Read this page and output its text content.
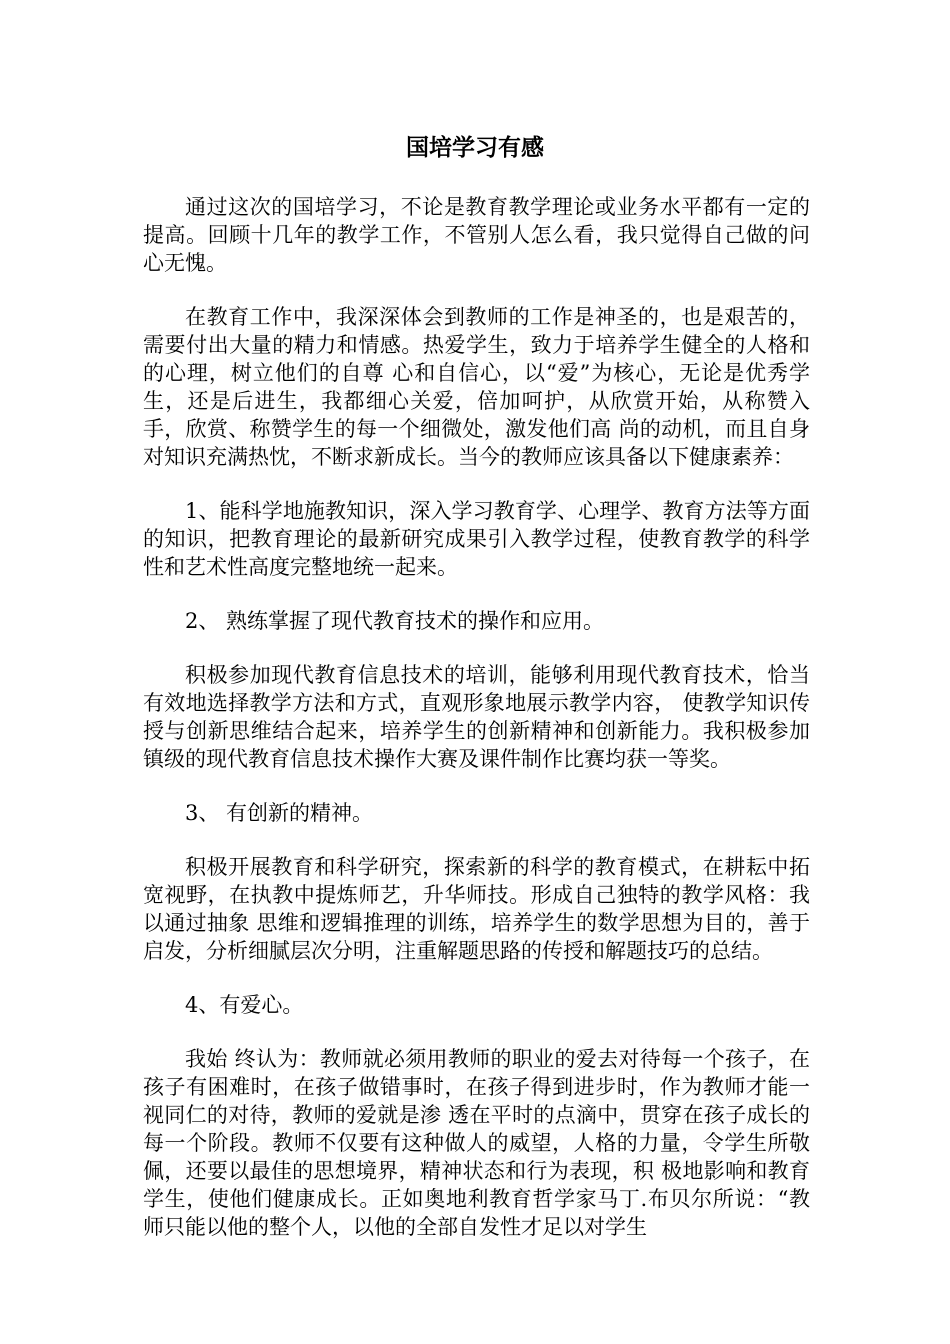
国培学习有感

通过这次的国培学习，不论是教育教学理论或业务水平都有一定的提高。回顾十几年的教学工作，不管别人怎么看，我只觉得自己做的问心无愧。

在教育工作中，我深深体会到教师的工作是神圣的，也是艰苦的，需要付出大量的精力和情感。热爱学生，致力于培养学生健全的人格和的心理，树立他们的自尊 心和自信心，以“爱”为核心，无论是优秀学生，还是后进生，我都细心关爱，倍加呵护，从欣赏开始，从称赞入手，欣赏、称赞学生的每一个细微处，激发他们高 尚的动机，而且自身对知识充满热忱，不断求新成长。当今的教师应该具备以下健康素养：

1、能科学地施教知识，深入学习教育学、心理学、教育方法等方面的知识，把教育理论的最新研究成果引入教学过程，使教育教学的科学性和艺术性高度完整地统一起来。

2、 熟练掌握了现代教育技术的操作和应用。

积极参加现代教育信息技术的培训，能够利用现代教育技术，恰当有效地选择教学方法和方式，直观形象地展示教学内容， 使教学知识传授与创新思维结合起来，培养学生的创新精神和创新能力。我积极参加镇级的现代教育信息技术操作大赛及课件制作比赛均获一等奖。

3、 有创新的精神。

积极开展教育和科学研究，探索新的科学的教育模式，在耕耘中拓宽视野，在执教中提炼师艺，升华师技。形成自己独特的教学风格：我以通过抽象 思维和逻辑推理的训练，培养学生的数学思想为目的，善于启发，分析细腻层次分明，注重解题思路的传授和解题技巧的总结。

4、有爱心。

我始 终认为：教师就必须用教师的职业的爱去对待每一个孩子，在孩子有困难时，在孩子做错事时，在孩子得到进步时，作为教师才能一视同仁的对待，教师的爱就是渗 透在平时的点滴中，贯穿在孩子成长的每一个阶段。教师不仅要有这种做人的威望，人格的力量，令学生所敬佩，还要以最佳的思想境界，精神状态和行为表现，积 极地影响和教育学生，使他们健康成长。正如奥地利教育哲学家马丁.布贝尔所说：“教师只能以他的整个人，以他的全部自发性才足以对学生
